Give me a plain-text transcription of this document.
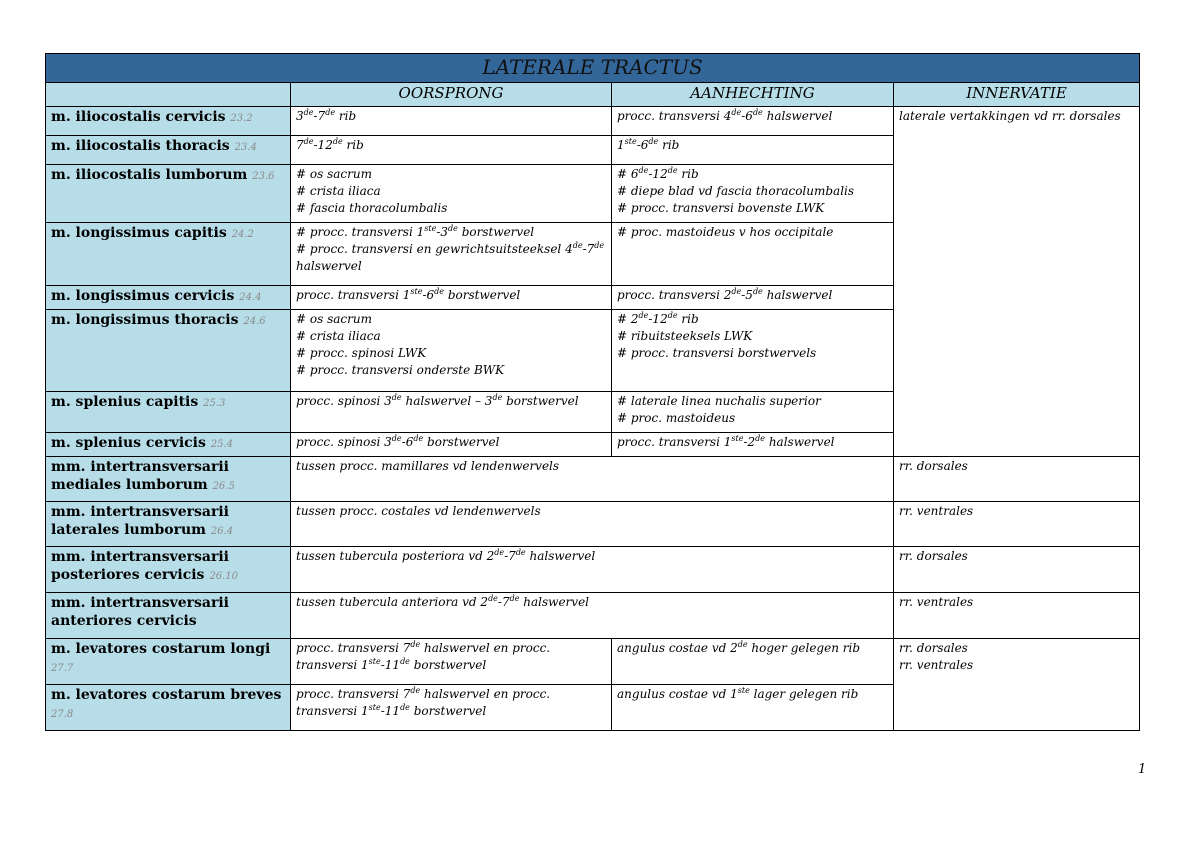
LATERALE TRACTUS			
	OORSPRONG	AANHECHTING	INNERVATIE
m. iliocostalis cervicis 23.2	3de-7de rib	procc. transversi 4de-6de halswervel	laterale vertakkingen vd rr. dorsales
m. iliocostalis thoracis 23.4	7de-12de rib	1ste-6de rib	
m. iliocostalis lumborum 23.6	# os sacrum
# crista iliaca
# fascia thoracolumbalis	# 6de-12de rib
# diepe blad vd fascia thoracolumbalis
# procc. transversi bovenste LWK	
m. longissimus capitis 24.2	# procc. transversi 1ste-3de borstwervel
# procc. transversi en gewrichtsuitsteeksel 4de-7de halswervel	# proc. mastoideus v hos occipitale	
m. longissimus cervicis 24.4	procc. transversi 1ste-6de borstwervel	procc. transversi 2de-5de halswervel	
m. longissimus thoracis 24.6	# os sacrum
# crista iliaca
# procc. spinosi LWK
# procc. transversi onderste BWK	# 2de-12de rib
# ribuitsteeksels LWK
# procc. transversi borstwervels	
m. splenius capitis 25.3	procc. spinosi 3de halswervel – 3de borstwervel	# laterale linea nuchalis superior
# proc. mastoideus	
m. splenius cervicis 25.4	procc. spinosi 3de-6de borstwervel	procc. transversi 1ste-2de halswervel	
mm. intertransversarii mediales lumborum 26.5	tussen procc. mamillares vd lendenwervels		rr. dorsales
mm. intertransversarii laterales lumborum 26.4	tussen procc. costales vd lendenwervels		rr. ventrales
mm. intertransversarii posteriores cervicis 26.10	tussen tubercula posteriora vd 2de-7de halswervel		rr. dorsales
mm. intertransversarii anteriores cervicis	tussen tubercula anteriora vd 2de-7de halswervel		rr. ventrales
m. levatores costarum longi 27.7	procc. transversi 7de halswervel en procc. transversi 1ste-11de borstwervel	angulus costae vd 2de hoger gelegen rib	rr. dorsales
rr. ventrales
m. levatores costarum breves 27.8	procc. transversi 7de halswervel en procc. transversi 1ste-11de borstwervel	angulus costae vd 1ste lager gelegen rib	
1
